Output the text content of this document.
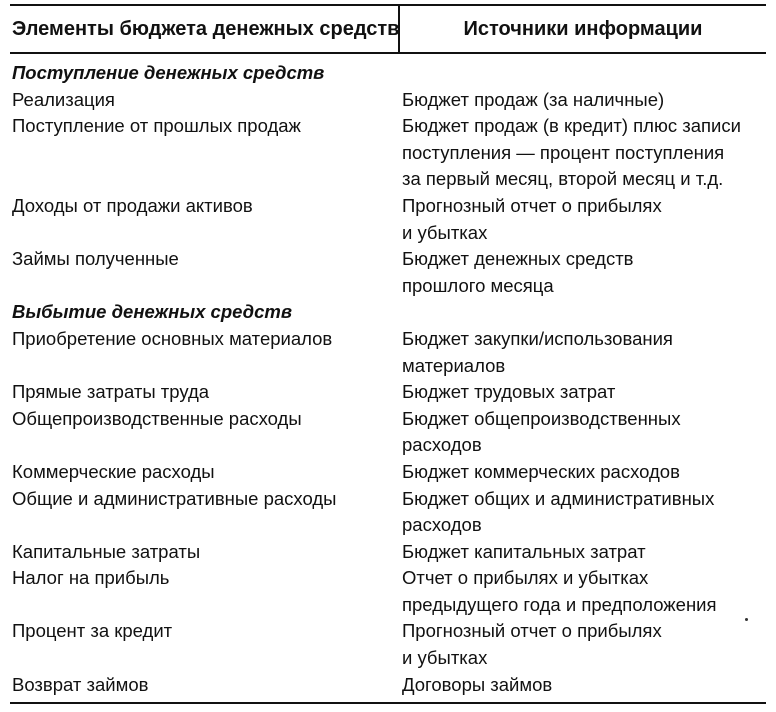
Элементы бюджета денежных средств	Источники информации
Поступление денежных средств
Реализация	Бюджет продаж (за наличные)
Поступление от прошлых продаж	Бюджет продаж (в кредит) плюс записи
поступления — процент поступления
за первый месяц, второй месяц и т.д.
Доходы от продажи активов	Прогнозный отчет о прибылях
и убытках
Займы полученные	Бюджет денежных средств
прошлого месяца
Выбытие денежных средств
Приобретение основных материалов	Бюджет закупки/использования
материалов
Прямые затраты труда	Бюджет трудовых затрат
Общепроизводственные расходы	Бюджет общепроизводственных
расходов
Коммерческие расходы	Бюджет коммерческих расходов
Общие и административные расходы	Бюджет общих и административных
расходов
Капитальные затраты	Бюджет капитальных затрат
Налог на прибыль	Отчет о прибылях и убытках
предыдущего года и предположения
Процент за кредит	Прогнозный отчет о прибылях
и убытках
Возврат займов	Договоры займов
